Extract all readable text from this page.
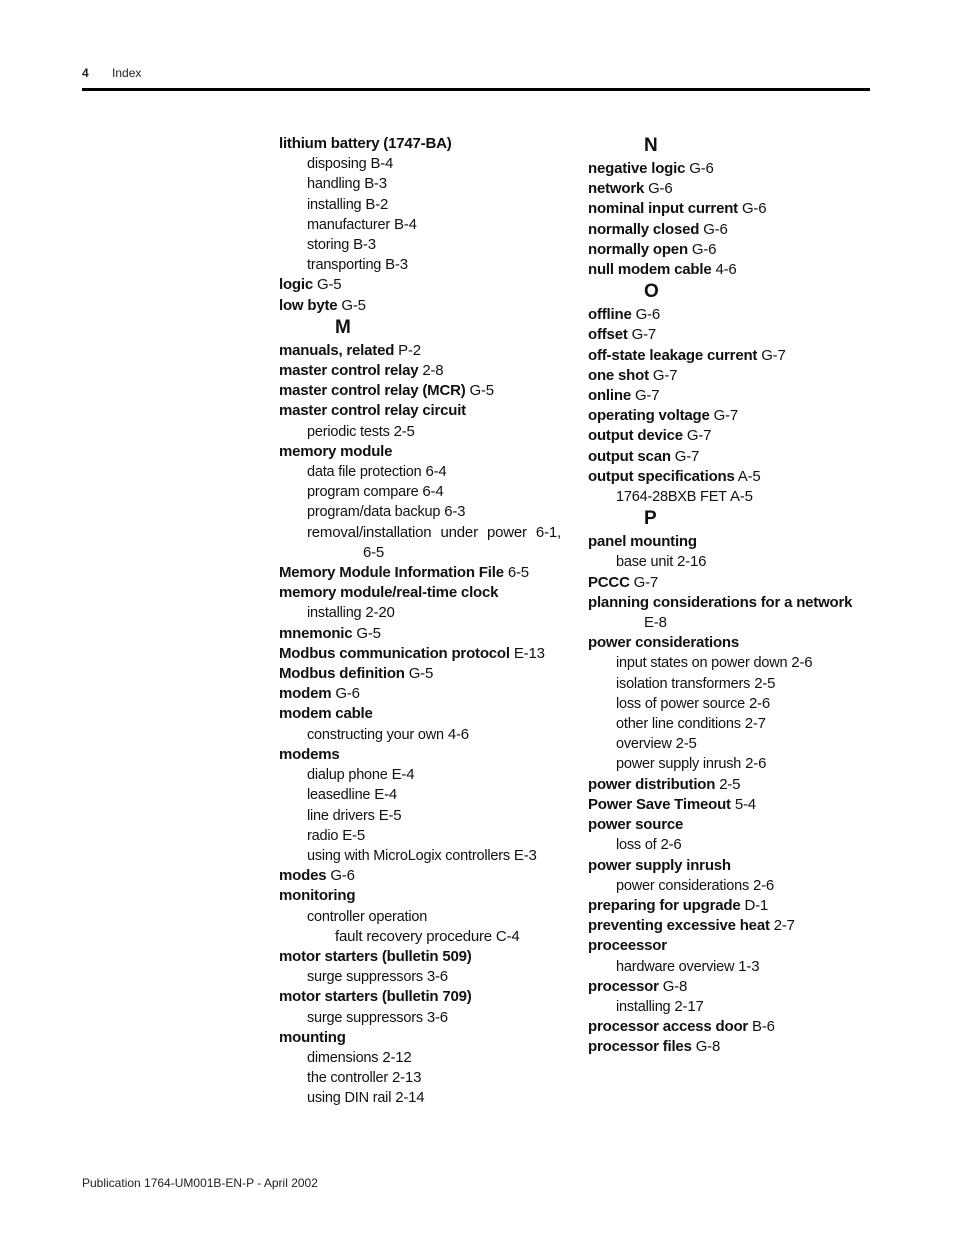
4 Index
lithium battery (1747-BA)
disposing B-4
handling B-3
installing B-2
manufacturer B-4
storing B-3
transporting B-3
logic G-5
low byte G-5
M
manuals, related P-2
master control relay 2-8
master control relay (MCR) G-5
master control relay circuit
periodic tests 2-5
memory module
data file protection 6-4
program compare 6-4
program/data backup 6-3
removal/installation under power 6-1,
6-5
Memory Module Information File 6-5
memory module/real-time clock
installing 2-20
mnemonic G-5
Modbus communication protocol E-13
Modbus definition G-5
modem G-6
modem cable
constructing your own 4-6
modems
dialup phone E-4
leasedline E-4
line drivers E-5
radio E-5
using with MicroLogix controllers E-3
modes G-6
monitoring
controller operation
fault recovery procedure C-4
motor starters (bulletin 509)
surge suppressors 3-6
motor starters (bulletin 709)
surge suppressors 3-6
mounting
dimensions 2-12
the controller 2-13
using DIN rail 2-14
N
negative logic G-6
network G-6
nominal input current G-6
normally closed G-6
normally open G-6
null modem cable 4-6
O
offline G-6
offset G-7
off-state leakage current G-7
one shot G-7
online G-7
operating voltage G-7
output device G-7
output scan G-7
output specifications A-5
1764-28BXB FET A-5
P
panel mounting
base unit 2-16
PCCC G-7
planning considerations for a network
E-8
power considerations
input states on power down 2-6
isolation transformers 2-5
loss of power source 2-6
other line conditions 2-7
overview 2-5
power supply inrush 2-6
power distribution 2-5
Power Save Timeout 5-4
power source
loss of 2-6
power supply inrush
power considerations 2-6
preparing for upgrade D-1
preventing excessive heat 2-7
proceessor
hardware overview 1-3
processor G-8
installing 2-17
processor access door B-6
processor files G-8
Publication 1764-UM001B-EN-P - April 2002
